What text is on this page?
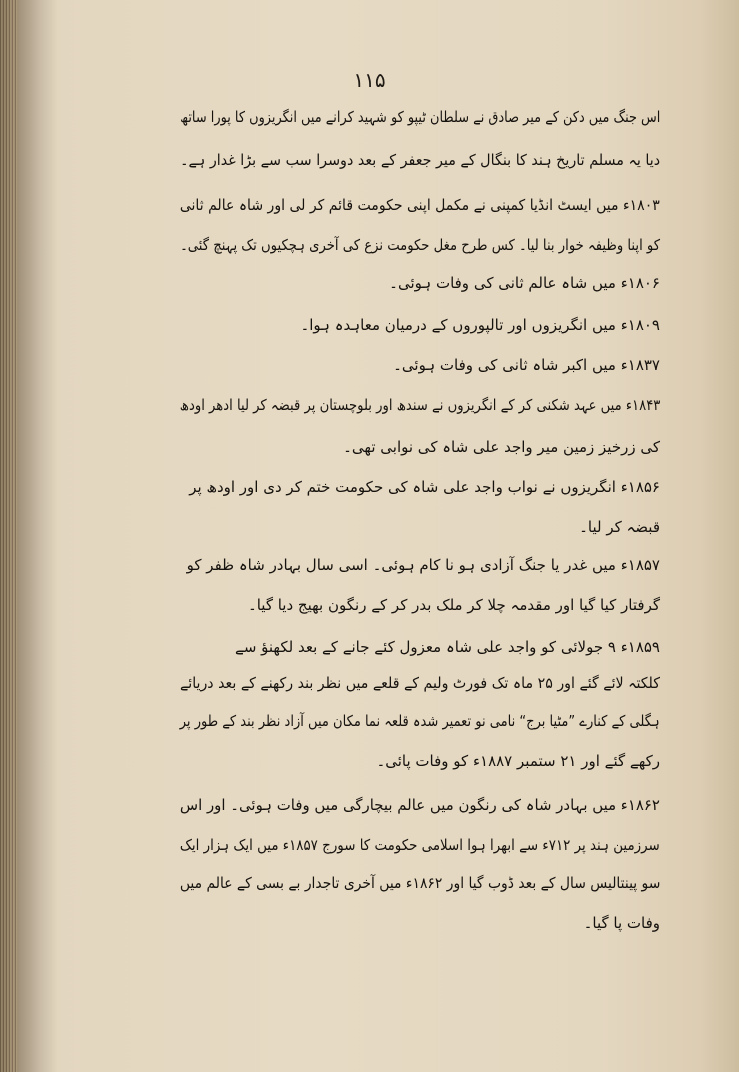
۱۱۵
اس جنگ میں دکن کے میر صادق نے سلطان ٹیپو کو شہید کرانے میں انگریزوں کا پورا ساتھ
دیا یہ مسلم تاریخ ہند کا بنگال کے میر جعفر کے بعد دوسرا سب سے بڑا غدار ہے۔
۱۸۰۳ء میں ایسٹ انڈیا کمپنی نے مکمل اپنی حکومت قائم کر لی اور شاہ عالم ثانی
کو اپنا وظیفہ خوار بنا لیا۔ کس طرح مغل حکومت نزع کی آخری ہچکیوں تک پہنچ گئی۔
۱۸۰۶ء میں شاہ عالم ثانی کی وفات ہوئی۔
۱۸۰۹ء میں انگریزوں اور تالپوروں کے درمیان معاہدہ ہوا۔
۱۸۳۷ء میں اکبر شاہ ثانی کی وفات ہوئی۔
۱۸۴۳ء میں عہد شکنی کر کے انگریزوں نے سندھ اور بلوچستان پر قبضہ کر لیا ادھر اودھ
کی زرخیز زمین میر واجد علی شاہ کی نوابی تھی۔
۱۸۵۶ء انگریزوں نے نواب واجد علی شاہ کی حکومت ختم کر دی اور اودھ پر
قبضہ کر لیا۔
۱۸۵۷ء میں غدر یا جنگ آزادی ہو نا کام ہوئی۔ اسی سال بہادر شاہ ظفر کو
گرفتار کیا گیا اور مقدمہ چلا کر ملک بدر کر کے رنگون بھیج دیا گیا۔
۱۸۵۹ء ۹ جولائی کو واجد علی شاہ معزول کئے جانے کے بعد لکھنؤ سے
کلکتہ لائے گئے اور ۲۵ ماہ تک فورٹ ولیم کے قلعے میں نظر بند رکھنے کے بعد دریائے
ہگلی کے کنارے ”مٹیا برج“ نامی نو تعمیر شدہ قلعہ نما مکان میں آزاد نظر بند کے طور پر
رکھے گئے اور ۲۱ ستمبر ۱۸۸۷ء کو وفات پائی۔
۱۸۶۲ء میں بہادر شاہ کی رنگون میں عالم بیچارگی میں وفات ہوئی۔ اور اس
سرزمین ہند پر ۷۱۲ء سے ابھرا ہوا اسلامی حکومت کا سورج ۱۸۵۷ء میں ایک ہزار ایک
سو پینتالیس سال کے بعد ڈوب گیا اور ۱۸۶۲ء میں آخری تاجدار بے بسی کے عالم میں
وفات پا گیا۔
